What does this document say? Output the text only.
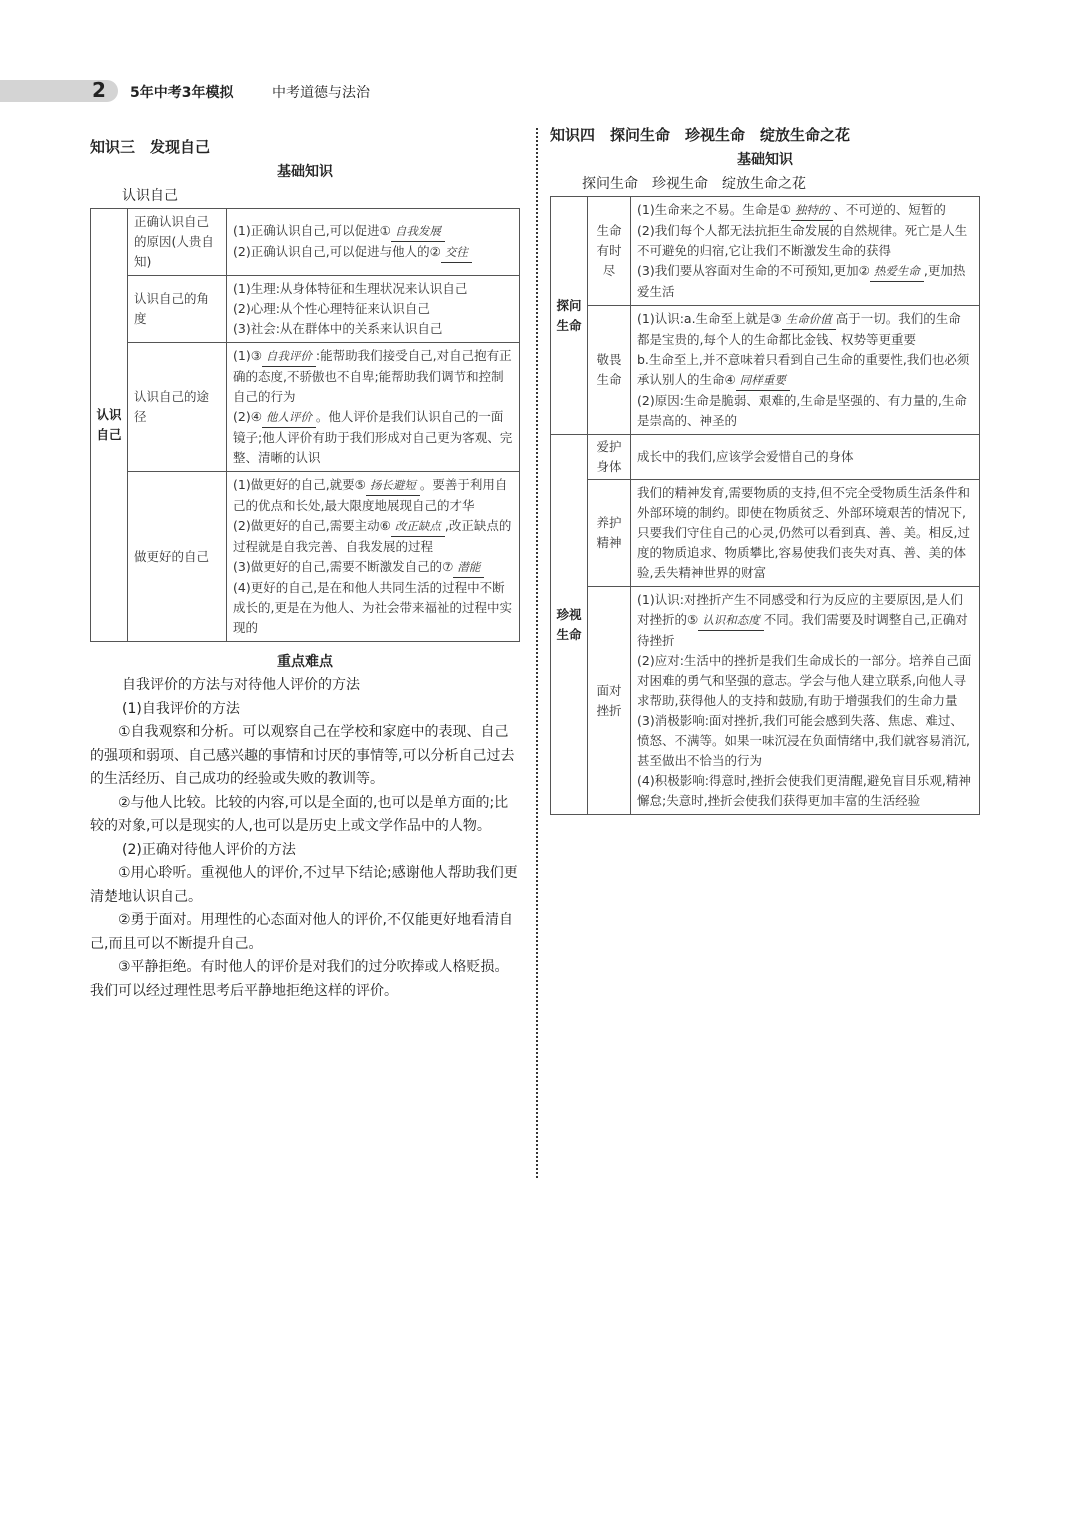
2 5年中考3年模拟	中考道德与法治
知识三　发现自己
基础知识
认识自己
认识自己	正确认识自己的原因(人贵自知)	(1)正确认识自己,可以促进① 自我发展
(2)正确认识自己,可以促进与他人的② 交往

	认识自己的角度	(1)生理:从身体特征和生理状况来认识自己
(2)心理:从个性心理特征来认识自己
(3)社会:从在群体中的关系来认识自己

	认识自己的途径	(1)③ 自我评价 :能帮助我们接受自己,对自己抱有正确的态度,不骄傲也不自卑;能帮助我们调节和控制自己的行为
(2)④ 他人评价 。他人评价是我们认识自己的一面镜子;他人评价有助于我们形成对自己更为客观、完整、清晰的认识

	做更好的自己	(1)做更好的自己,就要⑤ 扬长避短 。要善于利用自己的优点和长处,最大限度地展现自己的才华
(2)做更好的自己,需要主动⑥ 改正缺点 ,改正缺点的过程就是自我完善、自我发展的过程
(3)做更好的自己,需要不断激发自己的⑦ 潜能
(4)更好的自己,是在和他人共同生活的过程中不断成长的,更是在为他人、为社会带来福祉的过程中实现的
重点难点

自我评价的方法与对待他人评价的方法

(1)自我评价的方法

①自我观察和分析。可以观察自己在学校和家庭中的表现、自己的强项和弱项、自己感兴趣的事情和讨厌的事情等,可以分析自己过去的生活经历、自己成功的经验或失败的教训等。

②与他人比较。比较的内容,可以是全面的,也可以是单方面的;比较的对象,可以是现实的人,也可以是历史上或文学作品中的人物。

(2)正确对待他人评价的方法

①用心聆听。重视他人的评价,不过早下结论;感谢他人帮助我们更清楚地认识自己。

②勇于面对。用理性的心态面对他人的评价,不仅能更好地看清自己,而且可以不断提升自己。

③平静拒绝。有时他人的评价是对我们的过分吹捧或人格贬损。我们可以经过理性思考后平静地拒绝这样的评价。

知识四　探问生命　珍视生命　绽放生命之花
基础知识
探问生命　珍视生命　绽放生命之花
探问生命	生命有时尽	(1)生命来之不易。生命是① 独特的 、不可逆的、短暂的
(2)我们每个人都无法抗拒生命发展的自然规律。死亡是人生不可避免的归宿,它让我们不断激发生命的获得
(3)我们要从容面对生命的不可预知,更加② 热爱生命 ,更加热爱生活

	敬畏生命	(1)认识:a.生命至上就是③ 生命价值 高于一切。我们的生命都是宝贵的,每个人的生命都比金钱、权势等更重要
b.生命至上,并不意味着只看到自己生命的重要性,我们也必须承认别人的生命④ 同样重要
(2)原因:生命是脆弱、艰难的,生命是坚强的、有力量的,生命是崇高的、神圣的

珍视生命	爱护身体	成长中的我们,应该学会爱惜自己的身体

	养护精神	我们的精神发育,需要物质的支持,但不完全受物质生活条件和外部环境的制约。即使在物质贫乏、外部环境艰苦的情况下,只要我们守住自己的心灵,仍然可以看到真、善、美。相反,过度的物质追求、物质攀比,容易使我们丧失对真、善、美的体验,丢失精神世界的财富

	面对挫折	(1)认识:对挫折产生不同感受和行为反应的主要原因,是人们对挫折的⑤ 认识和态度 不同。我们需要及时调整自己,正确对待挫折
(2)应对:生活中的挫折是我们生命成长的一部分。培养自己面对困难的勇气和坚强的意志。学会与他人建立联系,向他人寻求帮助,获得他人的支持和鼓励,有助于增强我们的生命力量
(3)消极影响:面对挫折,我们可能会感到失落、焦虑、难过、愤怒、不满等。如果一味沉浸在负面情绪中,我们就容易消沉,甚至做出不恰当的行为
(4)积极影响:得意时,挫折会使我们更清醒,避免盲目乐观,精神懈怠;失意时,挫折会使我们获得更加丰富的生活经验
